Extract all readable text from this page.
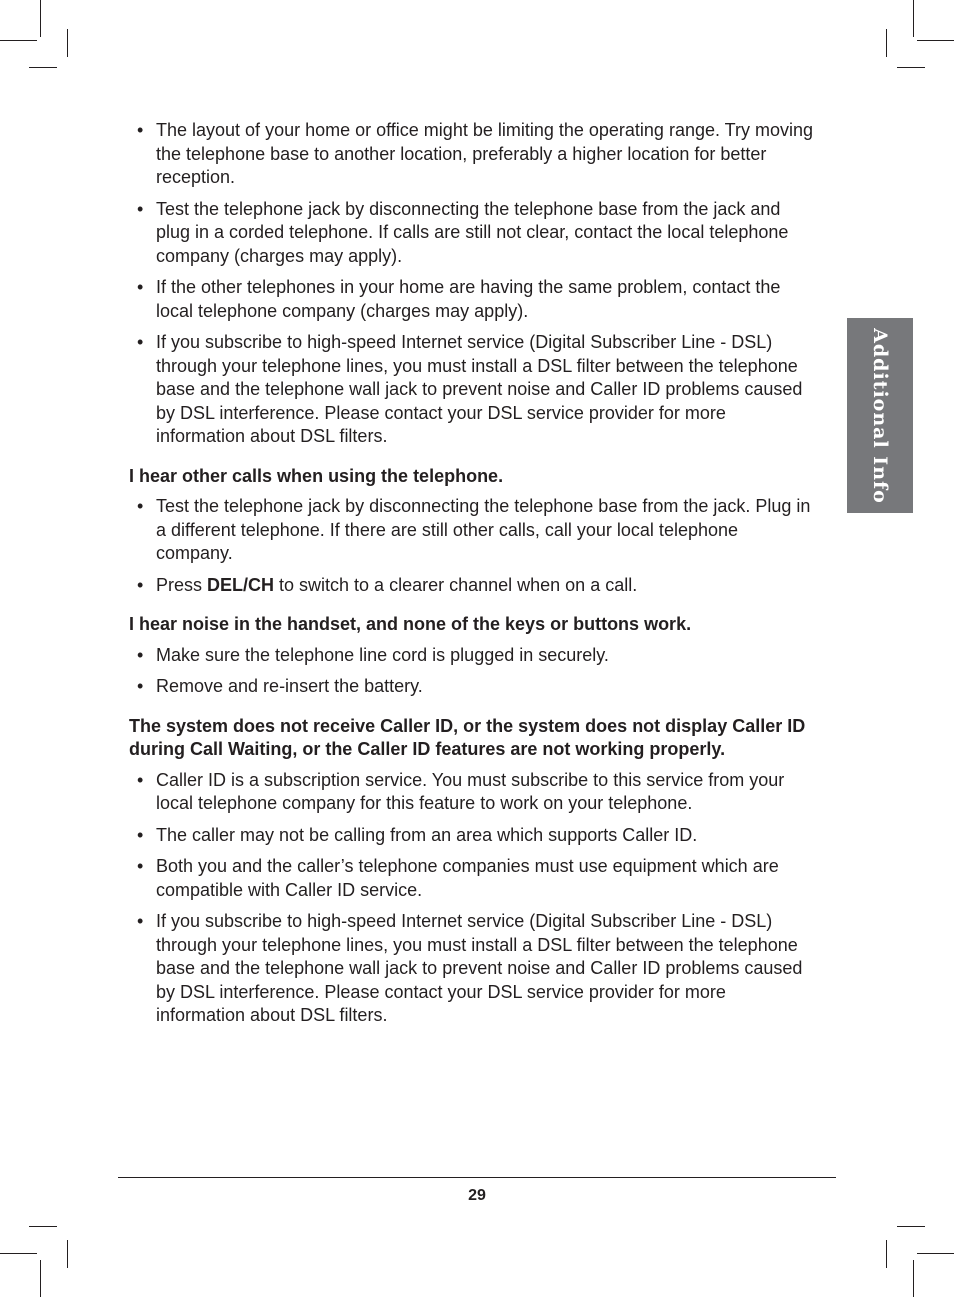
Additional Info
• The layout of your home or office might be limiting the operating range. Try moving the telephone base to another location, preferably a higher location for better reception.
• Test the telephone jack by disconnecting the telephone base from the jack and plug in a corded telephone. If calls are still not clear, contact the local telephone company (charges may apply).
• If the other telephones in your home are having the same problem, contact the local telephone company (charges may apply).
• If you subscribe to high-speed Internet service (Digital Subscriber Line - DSL) through your telephone lines, you must install a DSL filter between the telephone base and the telephone wall jack to prevent noise and Caller ID problems caused by DSL interference. Please contact your DSL service provider for more information about DSL filters.
I hear other calls when using the telephone.
• Test the telephone jack by disconnecting the telephone base from the jack. Plug in a different telephone. If there are still other calls, call your local telephone company.
• Press DEL/CH to switch to a clearer channel when on a call.
I hear noise in the handset, and none of the keys or buttons work.
• Make sure the telephone line cord is plugged in securely.
• Remove and re-insert the battery.
The system does not receive Caller ID, or the system does not display Caller ID during Call Waiting, or the Caller ID features are not working properly.
• Caller ID is a subscription service. You must subscribe to this service from your local telephone company for this feature to work on your telephone.
• The caller may not be calling from an area which supports Caller ID.
• Both you and the caller’s telephone companies must use equipment which are compatible with Caller ID service.
• If you subscribe to high-speed Internet service (Digital Subscriber Line - DSL) through your telephone lines, you must install a DSL filter between the telephone base and the telephone wall jack to prevent noise and Caller ID problems caused by DSL interference. Please contact your DSL service provider for more information about DSL filters.
29
